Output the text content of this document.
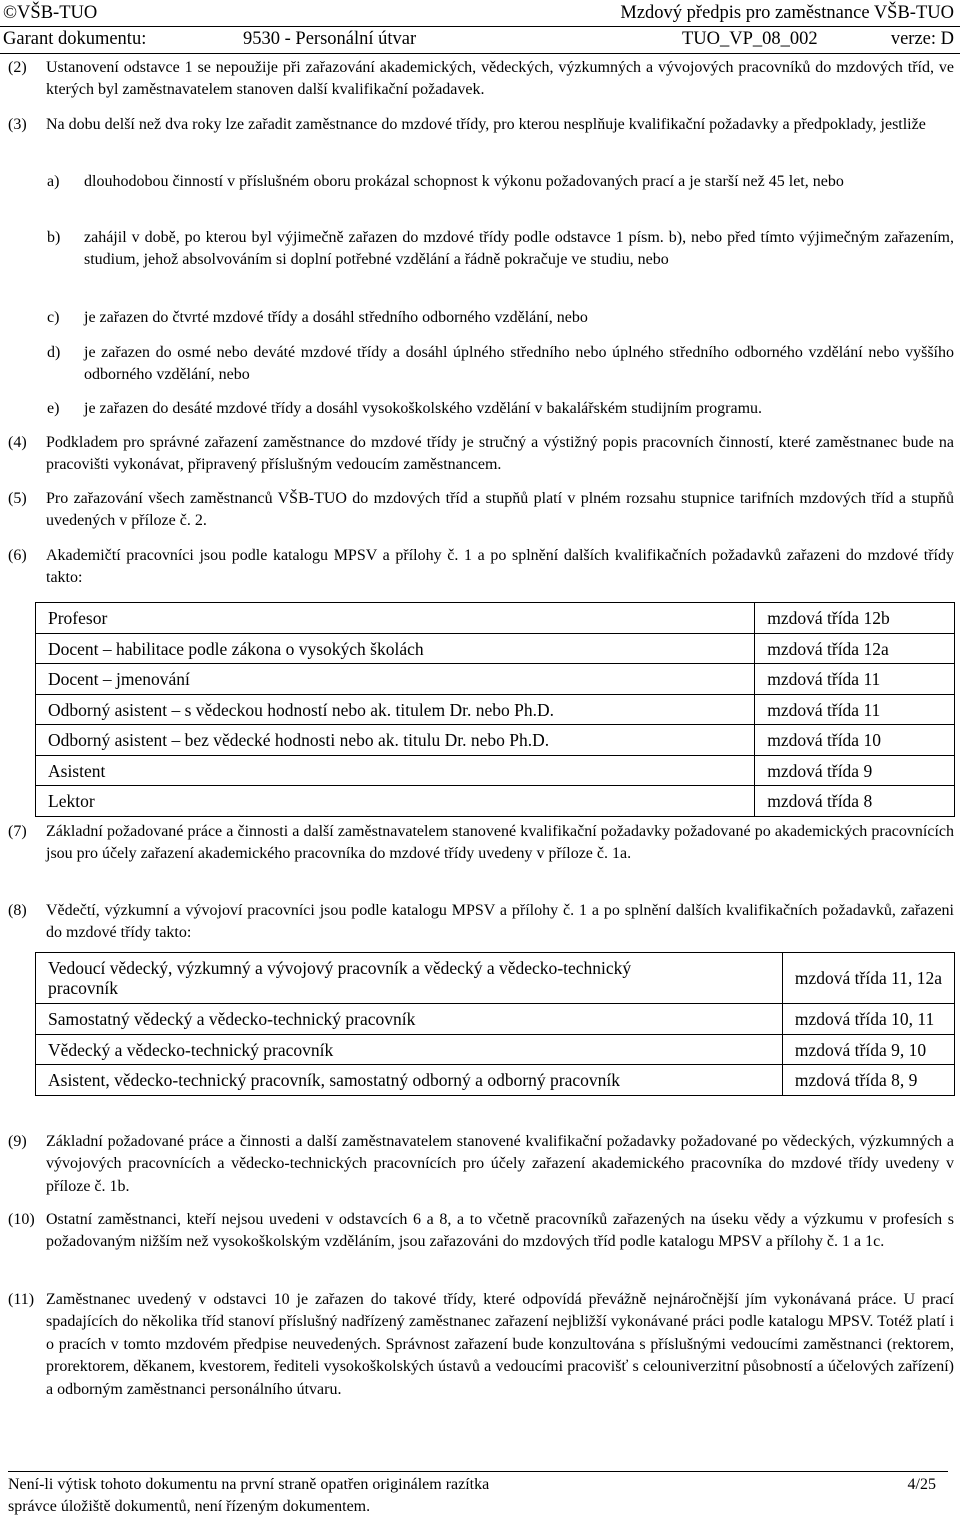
©VŠB-TUO	Mzdový předpis pro zaměstnance VŠB-TUO
Garant dokumentu:	9530 - Personální útvar	TUO_VP_08_002	verze: D
(2)	Ustanovení odstavce 1 se nepoužije při zařazování akademických, vědeckých, výzkumných a vývojových pracovníků do mzdových tříd, ve kterých byl zaměstnavatelem stanoven další kvalifikační požadavek.
(3)	Na dobu delší než dva roky lze zařadit zaměstnance do mzdové třídy, pro kterou nesplňuje kvalifikační požadavky a předpoklady, jestliže
a) dlouhodobou činností v příslušném oboru prokázal schopnost k výkonu požadovaných prací a je starší než 45 let, nebo
b) zahájil v době, po kterou byl výjimečně zařazen do mzdové třídy podle odstavce 1 písm. b), nebo před tímto výjimečným zařazením, studium, jehož absolvováním si doplní potřebné vzdělání a řádně pokračuje ve studiu, nebo
c) je zařazen do čtvrté mzdové třídy a dosáhl středního odborného vzdělání, nebo
d) je zařazen do osmé nebo deváté mzdové třídy a dosáhl úplného středního nebo úplného středního odborného vzdělání nebo vyššího odborného vzdělání, nebo
e) je zařazen do desáté mzdové třídy a dosáhl vysokoškolského vzdělání v bakalářském studijním programu.
(4)	Podkladem pro správné zařazení zaměstnance do mzdové třídy je stručný a výstižný popis pracovních činností, které zaměstnanec bude na pracovišti vykonávat, připravený příslušným vedoucím zaměstnancem.
(5)	Pro zařazování všech zaměstnanců VŠB-TUO do mzdových tříd a stupňů platí v plném rozsahu stupnice tarifních mzdových tříd a stupňů uvedených v příloze č. 2.
(6)	Akademičtí pracovníci jsou podle katalogu MPSV a přílohy č. 1 a po splnění dalších kvalifikačních požadavků zařazeni do mzdové třídy takto:
Profesor	mzdová třída 12b
Docent – habilitace podle zákona o vysokých školách	mzdová třída 12a
Docent – jmenování	mzdová třída 11
Odborný asistent – s vědeckou hodností nebo ak. titulem Dr. nebo Ph.D.	mzdová třída 11
Odborný asistent – bez vědecké hodnosti nebo ak. titulu Dr. nebo Ph.D.	mzdová třída 10
Asistent	mzdová třída 9
Lektor	mzdová třída 8
(7)	Základní požadované práce a činnosti a další zaměstnavatelem stanovené kvalifikační požadavky požadované po akademických pracovnících jsou pro účely zařazení akademického pracovníka do mzdové třídy uvedeny v příloze č. 1a.
(8)	Vědečtí, výzkumní a vývojoví pracovníci jsou podle katalogu MPSV a přílohy č. 1 a po splnění dalších kvalifikačních požadavků, zařazeni do mzdové třídy takto:
Vedoucí vědecký, výzkumný a vývojový pracovník a vědecký a vědecko-technický pracovník	mzdová třída 11, 12a
Samostatný vědecký a vědecko-technický pracovník	mzdová třída 10, 11
Vědecký a vědecko-technický pracovník	mzdová třída 9, 10
Asistent, vědecko-technický pracovník, samostatný odborný a odborný pracovník	mzdová třída 8, 9
(9)	Základní požadované práce a činnosti a další zaměstnavatelem stanovené kvalifikační požadavky požadované po vědeckých, výzkumných a vývojových pracovnících a vědecko-technických pracovnících pro účely zařazení akademického pracovníka do mzdové třídy uvedeny v příloze č. 1b.
(10) Ostatní zaměstnanci, kteří nejsou uvedeni v odstavcích 6 a 8, a to včetně pracovníků zařazených na úseku vědy a výzkumu v profesích s požadovaným nižším než vysokoškolským vzděláním, jsou zařazováni do mzdových tříd podle katalogu MPSV a přílohy č. 1 a 1c.
(11) Zaměstnanec uvedený v odstavci 10 je zařazen do takové třídy, které odpovídá převážně nejnáročnější jím vykonávaná práce. U prací spadajících do několika tříd stanoví příslušný nadřízený zaměstnanec zařazení nejbližší vykonávané práci podle katalogu MPSV. Totéž platí i o pracích v tomto mzdovém předpise neuvedených. Správnost zařazení bude konzultována s příslušnými vedoucími zaměstnanci (rektorem, prorektorem, děkanem, kvestorem, řediteli vysokoškolských ústavů a vedoucími pracovišť s celouniverzitní působností a účelových zařízení) a odborným zaměstnanci personálního útvaru.
Není-li výtisk tohoto dokumentu na první straně opatřen originálem razítka	4/25
správce úložiště dokumentů, není řízeným dokumentem.
